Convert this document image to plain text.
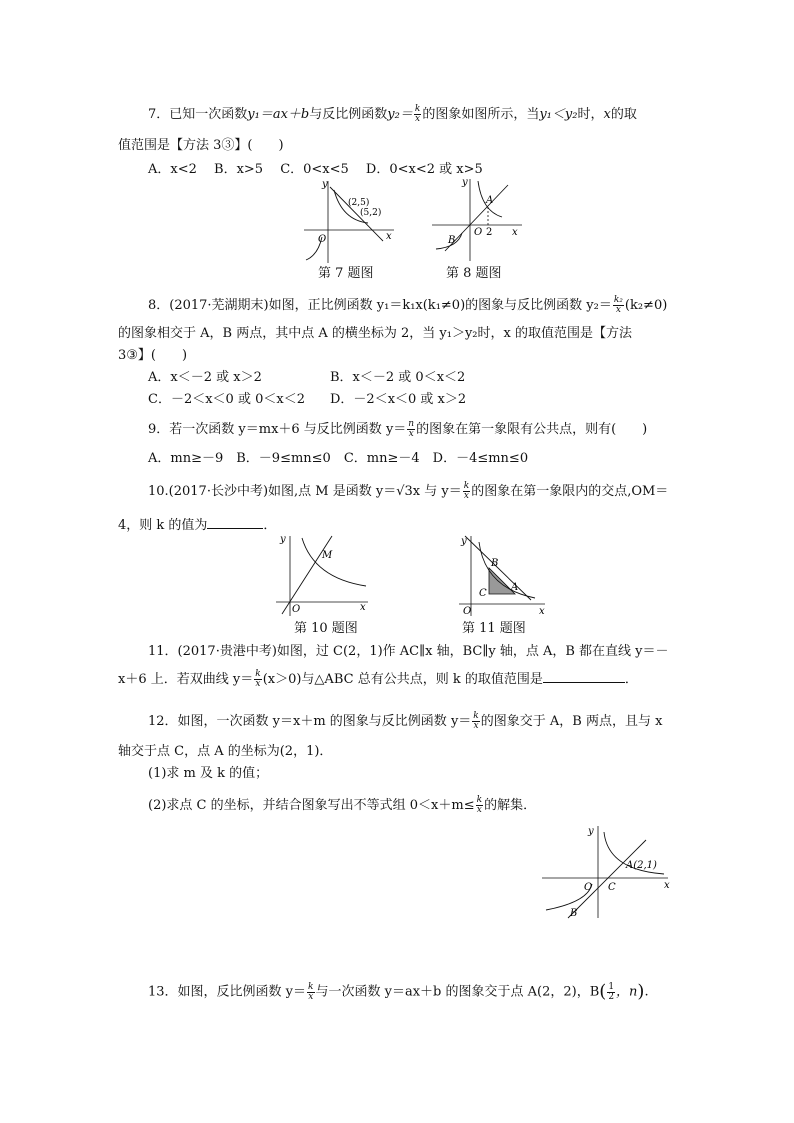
7．已知一次函数y₁＝ax＋b与反比例函数$y_2= \frac{k}{x}$ 的图象如图所示，当y₁＜y₂时，x的取
值范围是【方法 3③】(　　)
A．x<2　 B．x>5　 C．0<x<5　 D．0<x<2 或 x>5
y
x
O
(2,5)
(5,2)
y
x
O 2
A
B
第 7 题图	第 8 题图
8．(2017·芜湖期末)如图，正比例函数 y₁＝k₁x(k₁≠0)的图象与反比例函数 $y_2= \frac{\text{k₂}}{x} (k_2\ne 0)$
的图象相交于 A，B 两点，其中点 A 的横坐标为 2，当 y₁＞y₂时，x 的取值范围是【方法
3③】(　　)
A．x＜－2 或 x＞2	B．x＜－2 或 0＜x＜2
C．－2＜x＜0 或 0＜x＜2 D．－2＜x＜0 或 x＞2
9．若一次函数 y＝mx＋6 与反比例函数 $y= \frac{n}{x}$ 的图象在第一象限有公共点，则有(　　)
A．mn≥－9　B．－9≤mn≤0　C．mn≥－4　D．－4≤mn≤0
10.(2017·长沙中考)如图,点 M 是函数 y＝√3x 与 $y= \frac{k}{x}$ 的图象在第一象限内的交点,OM＝
4，则 k 的值为	．
y
x
O
M
y
x
O
B
C
A
第 10 题图	第 11 题图
11．(2017·贵港中考)如图，过 C(2，1)作 AC∥x 轴，BC∥y 轴，点 A，B 都在直线 y＝－
x＋6 上．若双曲线 $y= \frac{k}{x} (x>0)$与△ABC 总有公共点，则 k 的取值范围是	．
12．如图，一次函数 y＝x＋m 的图象与反比例函数 $y= \frac{k}{x}$ 的图象交于 A，B 两点，且与 x
轴交于点 C，点 A 的坐标为(2，1)．
(1)求 m 及 k 的值；
(2)求点 C 的坐标，并结合图象写出不等式组 $0<x+m\le \frac{k}{x}$ 的解集．
y
x
O C
A(2,1)
B
13．如图，反比例函数 $y= \frac{k}{x}$ 与一次函数 y＝ax＋b 的图象交于点 A(2，2)，$B( \frac{1}{2}$ ，n).
